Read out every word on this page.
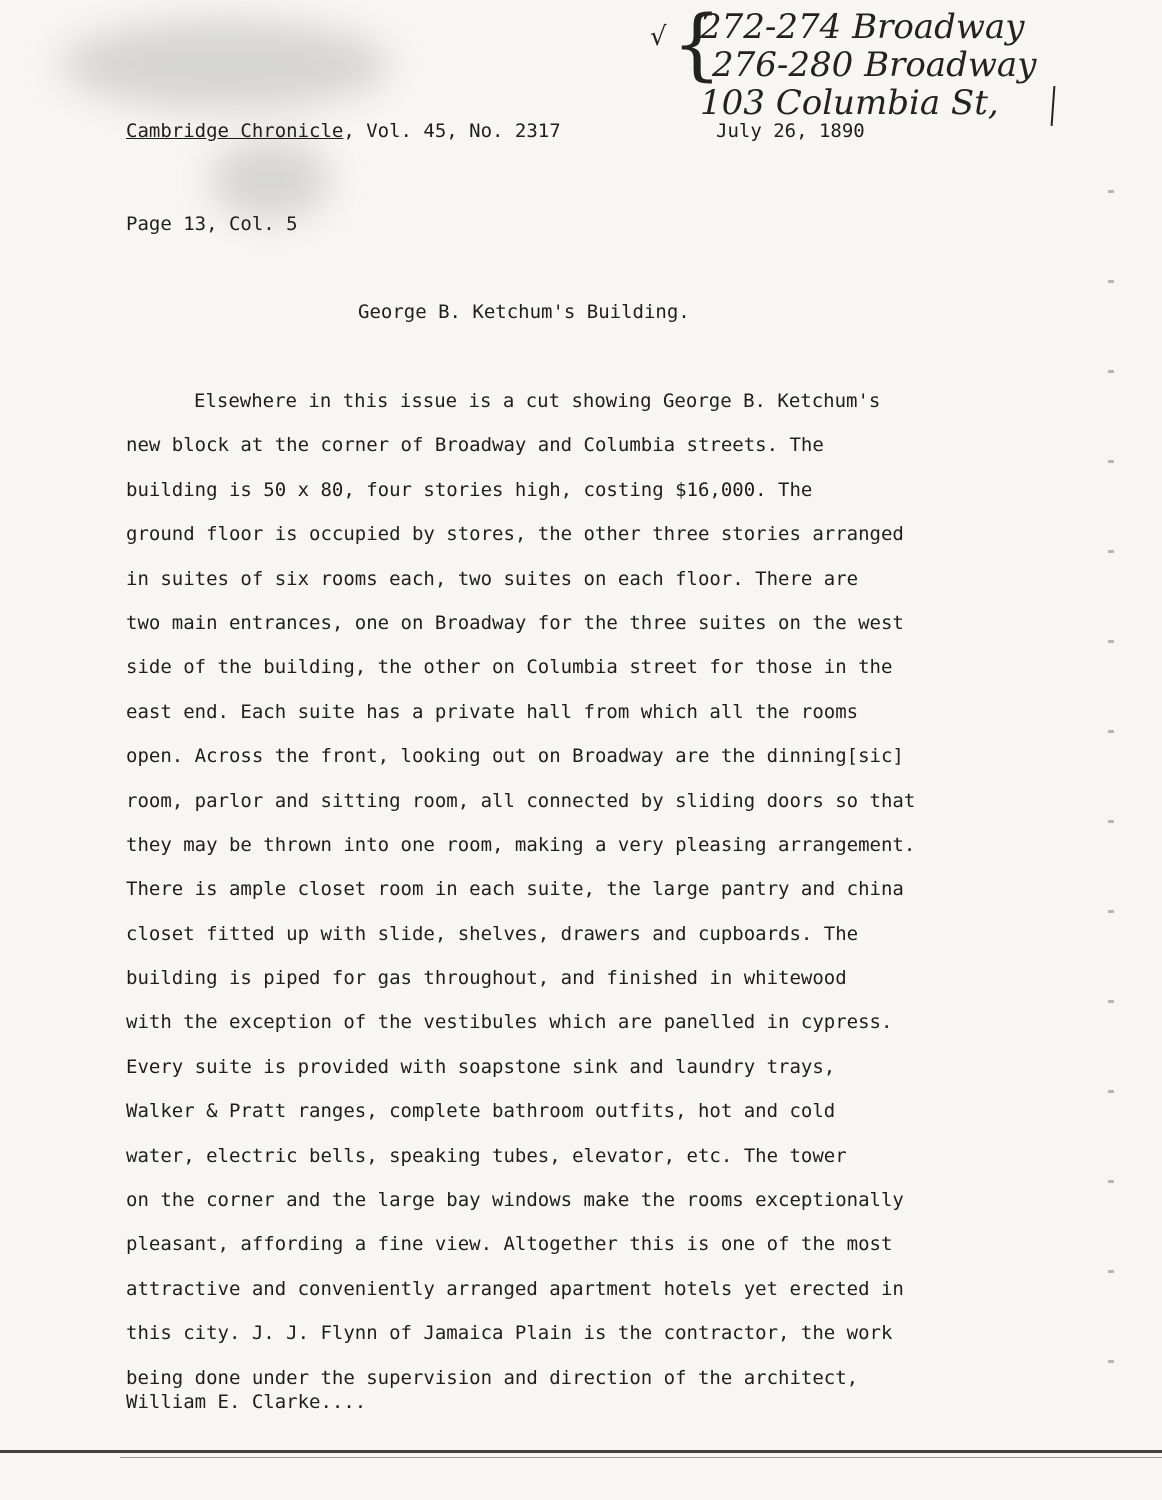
√ {
272-274 Broadway
276-280 Broadway
103 Columbia St,
Cambridge Chronicle, Vol. 45, No. 2317	July 26, 1890
Page 13, Col. 5
George B. Ketchum's Building.
Elsewhere in this issue is a cut showing George B. Ketchum's
new block at the corner of Broadway and Columbia streets. The
building is 50 x 80, four stories high, costing $16,000. The
ground floor is occupied by stores, the other three stories arranged
in suites of six rooms each, two suites on each floor. There are
two main entrances, one on Broadway for the three suites on the west
side of the building, the other on Columbia street for those in the
east end. Each suite has a private hall from which all the rooms
open. Across the front, looking out on Broadway are the dinning[sic]
room, parlor and sitting room, all connected by sliding doors so that
they may be thrown into one room, making a very pleasing arrangement.
There is ample closet room in each suite, the large pantry and china
closet fitted up with slide, shelves, drawers and cupboards. The
building is piped for gas throughout, and finished in whitewood
with the exception of the vestibules which are panelled in cypress.
Every suite is provided with soapstone sink and laundry trays,
Walker & Pratt ranges, complete bathroom outfits, hot and cold
water, electric bells, speaking tubes, elevator, etc. The tower
on the corner and the large bay windows make the rooms exceptionally
pleasant, affording a fine view. Altogether this is one of the most
attractive and conveniently arranged apartment hotels yet erected in
this city. J. J. Flynn of Jamaica Plain is the contractor, the work
being done under the supervision and direction of the architect,
William E. Clarke....
